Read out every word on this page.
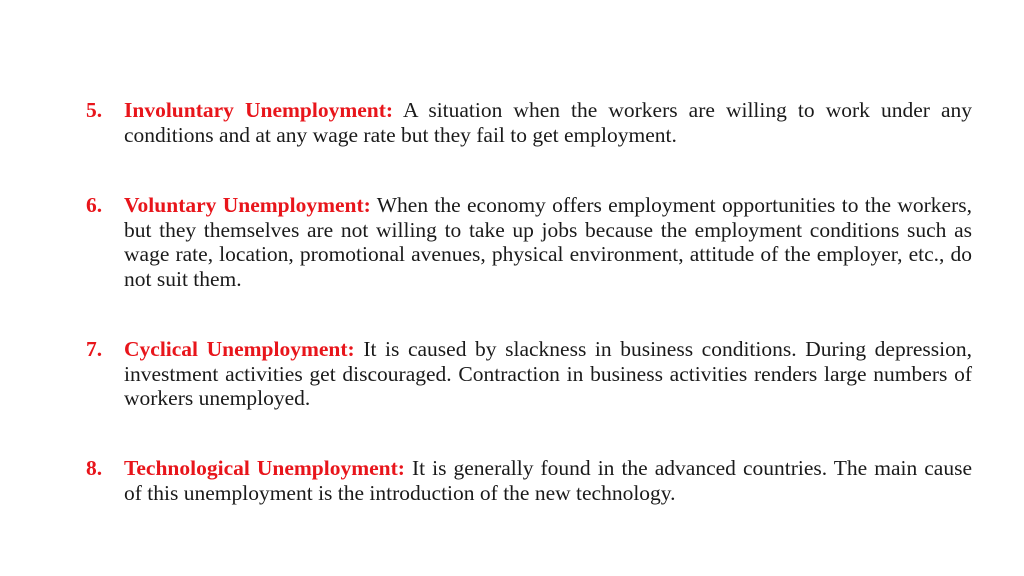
5.	Involuntary Unemployment: A situation when the workers are willing to work under any conditions and at any wage rate but they fail to get employment.
6.	Voluntary Unemployment: When the economy offers employment opportunities to the workers, but they themselves are not willing to take up jobs because the employment conditions such as wage rate, location, promotional avenues, physical environment, attitude of the employer, etc., do not suit them.
7.	Cyclical Unemployment: It is caused by slackness in business conditions. During depression, investment activities get discouraged. Contraction in business activities renders large numbers of workers unemployed.
8.	Technological Unemployment: It is generally found in the advanced countries. The main cause of this unemployment is the introduction of the new technology.
